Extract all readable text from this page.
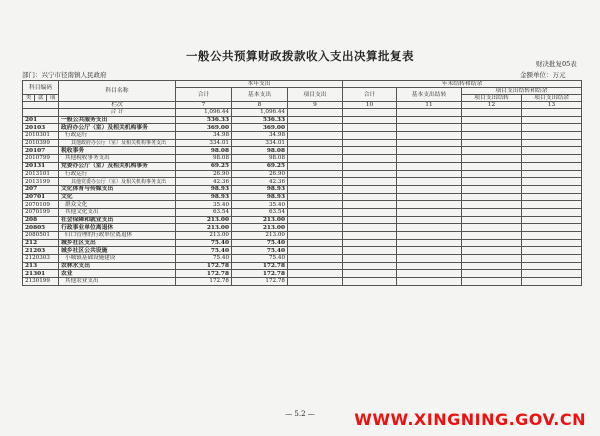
一般公共预算财政拨款收入支出决算批复表
财决批复05表
部门：兴宁市径南镇人民政府	金额单位：万元
科目编码			科目名称	本年支出			年末结转和结余			
				合计	基本支出	项目支出	合计	基本支出结转	项目支出结转和结余	
									项目支出结转	项目支出结余
类	款	项								
			栏次	7	8	9	10	11	12	13
			合 计	1,096.44	1,096.44					
201			一般公共服务支出	536.33	536.33					
20103			政府办公厅（室）及相关机构事务	369.00	369.00					
2010301			行政运行	34.98	34.98					
2010399			其他政府办公厅（室）及相关机构事务支出	334.01	334.01					
20107			税收事务	98.08	98.08					
2010799			其他税收事务支出	98.08	98.08					
20131			党委办公厅（室）及相关机构事务	69.25	69.25					
2013101			行政运行	26.90	26.90					
2013199			其他党委办公厅（室）及相关机构事务支出	42.36	42.36					
207			文化体育与传媒支出	98.93	98.93					
20701			文化	98.93	98.93					
2070109			群众文化	35.40	35.40					
2070199			其他文化支出	63.54	63.54					
208			社会保障和就业支出	213.00	213.00					
20805			行政事业单位离退休	213.00	213.00					
2080501			归口管理的行政单位离退休	213.00	213.00					
212			城乡社区支出	75.40	75.40					
21203			城乡社区公共设施	75.40	75.40					
2120303			小城镇基础设施建设	75.40	75.40					
213			农林水支出	172.78	172.78					
21301			农业	172.78	172.78					
2130199			其他农业支出	172.78	172.78					
— 5.2 —	WWW.XINGNING.GOV.CN
